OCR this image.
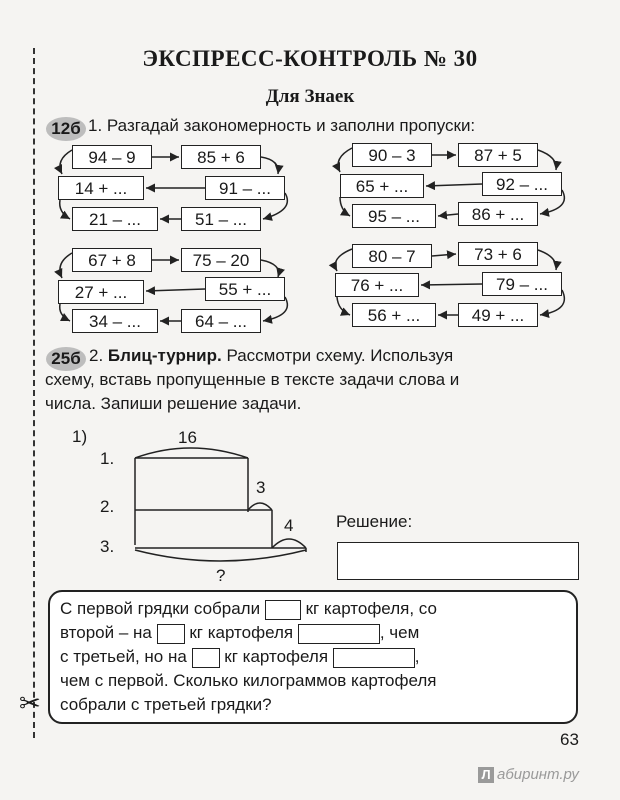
✂
ЭКСПРЕСС-КОНТРОЛЬ № 30
Для Знаек
12б 1. Разгадай закономерность и заполни пропуски:
94 – 9	85 + 6
14 + ...	91 – ...
21 – ...	51 – ...
67 + 8	75 – 20
27 + ...	55 + ...
34 – ...	64 – ...
90 – 3	87 + 5
65 + ...	92 – ...
95 – ...	86 + ...
80 – 7	73 + 6
76 + ...	79 – ...
56 + ...	49 + ...
25б 2. Блиц-турнир. Рассмотри схему. Используя
схему, вставь пропущенные в тексте задачи слова и
числа. Запиши решение задачи.
1)	16
1.
2.
3.
3
4
?
Решение:
С первой грядки собрали	кг картофеля, со
второй – на кг картофеля	, чем
с третьей, но на кг картофеля	,
чем с первой. Сколько килограммов картофеля
собрали с третьей грядки?
63
Л абиринт.ру
